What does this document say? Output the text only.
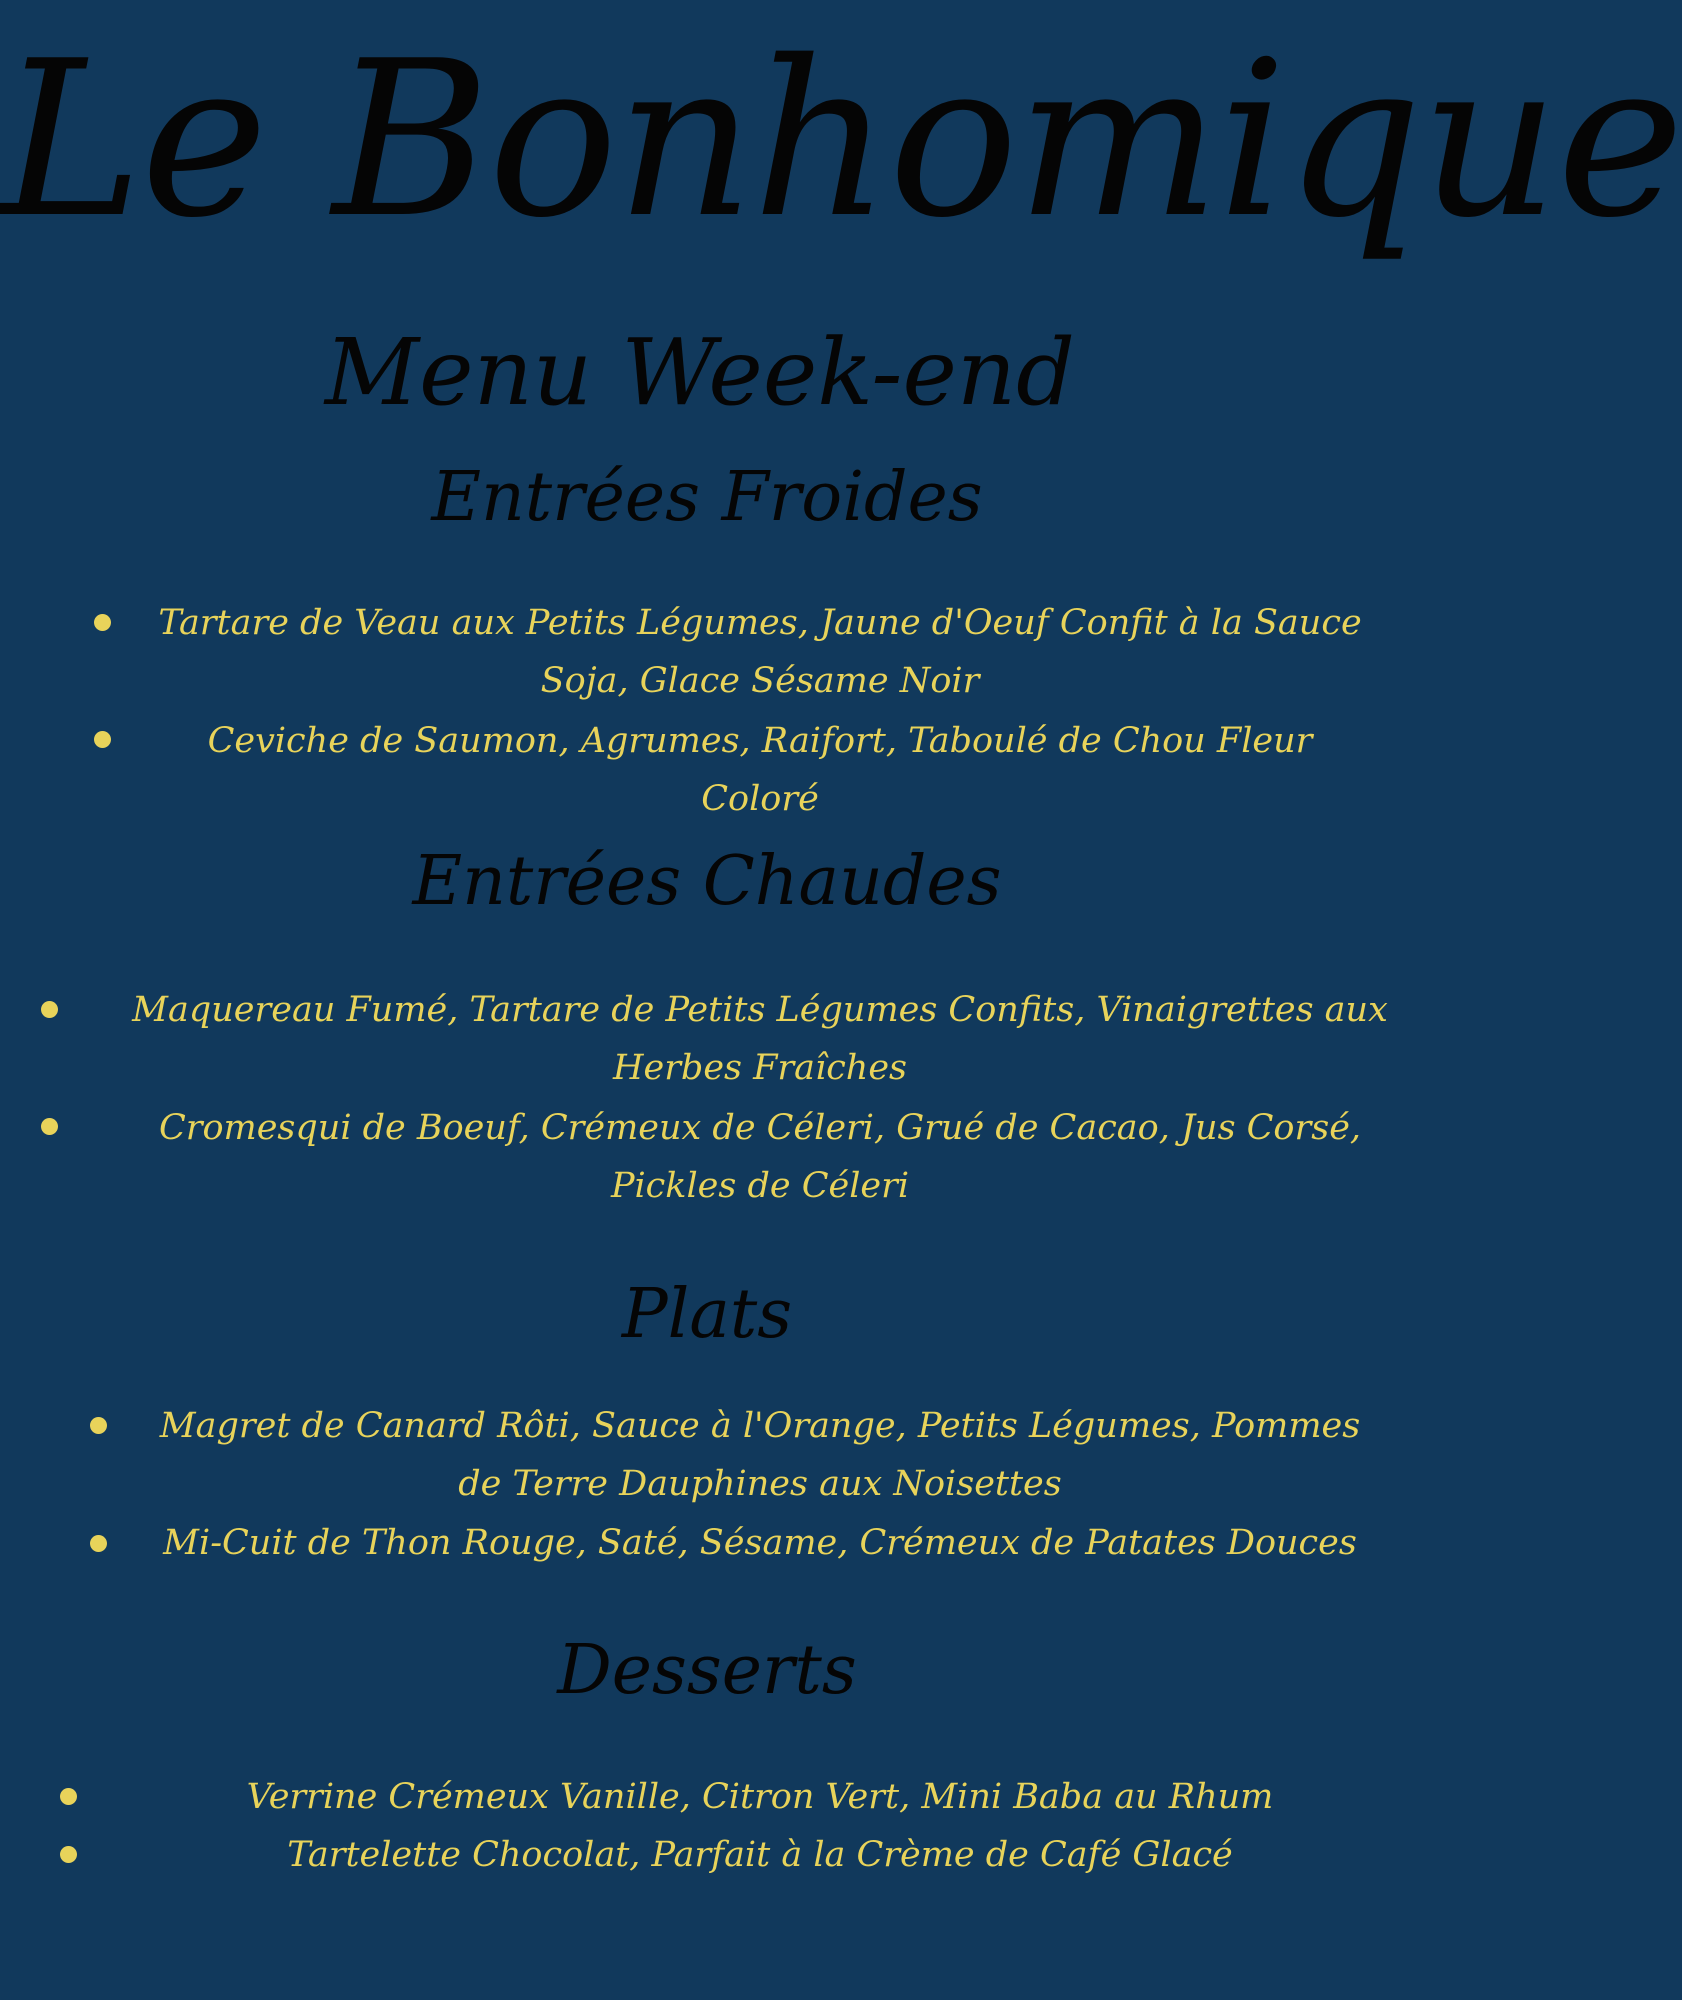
Le Bonhomique
Menu Week-end
Entrées Froides
Tartare de Veau aux Petits Légumes, Jaune d'Oeuf Confit à la Sauce Soja, Glace Sésame Noir
Ceviche de Saumon, Agrumes, Raifort, Taboulé de Chou Fleur Coloré
Entrées Chaudes
Maquereau Fumé, Tartare de Petits Légumes Confits, Vinaigrettes aux Herbes Fraîches
Cromesqui de Boeuf, Crémeux de Céleri, Grué de Cacao, Jus Corsé, Pickles de Céleri
Plats
Magret de Canard Rôti, Sauce à l'Orange, Petits Légumes, Pommes de Terre Dauphines aux Noisettes
Mi-Cuit de Thon Rouge, Saté, Sésame, Crémeux de Patates Douces
Desserts
Verrine Crémeux Vanille, Citron Vert, Mini Baba au Rhum
Tartelette Chocolat, Parfait à la Crème de Café Glacé
